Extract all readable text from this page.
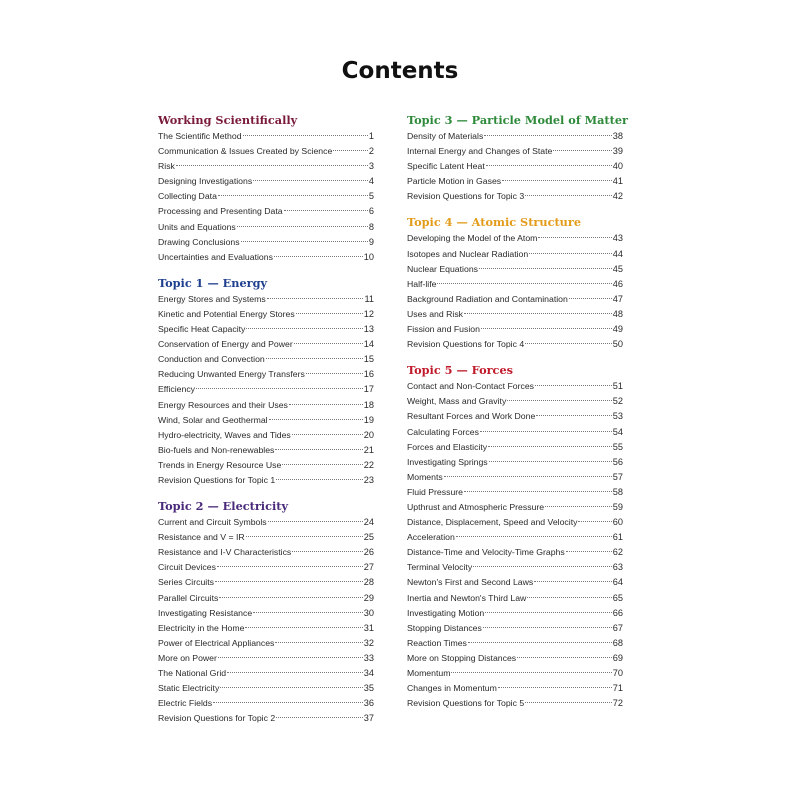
Contents
Working Scientifically
The Scientific Method	1
Communication & Issues Created by Science	2
Risk	3
Designing Investigations	4
Collecting Data	5
Processing and Presenting Data	6
Units and Equations	8
Drawing Conclusions	9
Uncertainties and Evaluations	10
Topic 1 — Energy
Energy Stores and Systems	11
Kinetic and Potential Energy Stores	12
Specific Heat Capacity	13
Conservation of Energy and Power	14
Conduction and Convection	15
Reducing Unwanted Energy Transfers	16
Efficiency	17
Energy Resources and their Uses	18
Wind, Solar and Geothermal	19
Hydro-electricity, Waves and Tides	20
Bio-fuels and Non-renewables	21
Trends in Energy Resource Use	22
Revision Questions for Topic 1	23
Topic 2 — Electricity
Current and Circuit Symbols	24
Resistance and V = IR	25
Resistance and I-V Characteristics	26
Circuit Devices	27
Series Circuits	28
Parallel Circuits	29
Investigating Resistance	30
Electricity in the Home	31
Power of Electrical Appliances	32
More on Power	33
The National Grid	34
Static Electricity	35
Electric Fields	36
Revision Questions for Topic 2	37
Topic 3 — Particle Model of Matter
Density of Materials	38
Internal Energy and Changes of State	39
Specific Latent Heat	40
Particle Motion in Gases	41
Revision Questions for Topic 3	42
Topic 4 — Atomic Structure
Developing the Model of the Atom	43
Isotopes and Nuclear Radiation	44
Nuclear Equations	45
Half-life	46
Background Radiation and Contamination	47
Uses and Risk	48
Fission and Fusion	49
Revision Questions for Topic 4	50
Topic 5 — Forces
Contact and Non-Contact Forces	51
Weight, Mass and Gravity	52
Resultant Forces and Work Done	53
Calculating Forces	54
Forces and Elasticity	55
Investigating Springs	56
Moments	57
Fluid Pressure	58
Upthrust and Atmospheric Pressure	59
Distance, Displacement, Speed and Velocity	60
Acceleration	61
Distance-Time and Velocity-Time Graphs	62
Terminal Velocity	63
Newton's First and Second Laws	64
Inertia and Newton's Third Law	65
Investigating Motion	66
Stopping Distances	67
Reaction Times	68
More on Stopping Distances	69
Momentum	70
Changes in Momentum	71
Revision Questions for Topic 5	72
